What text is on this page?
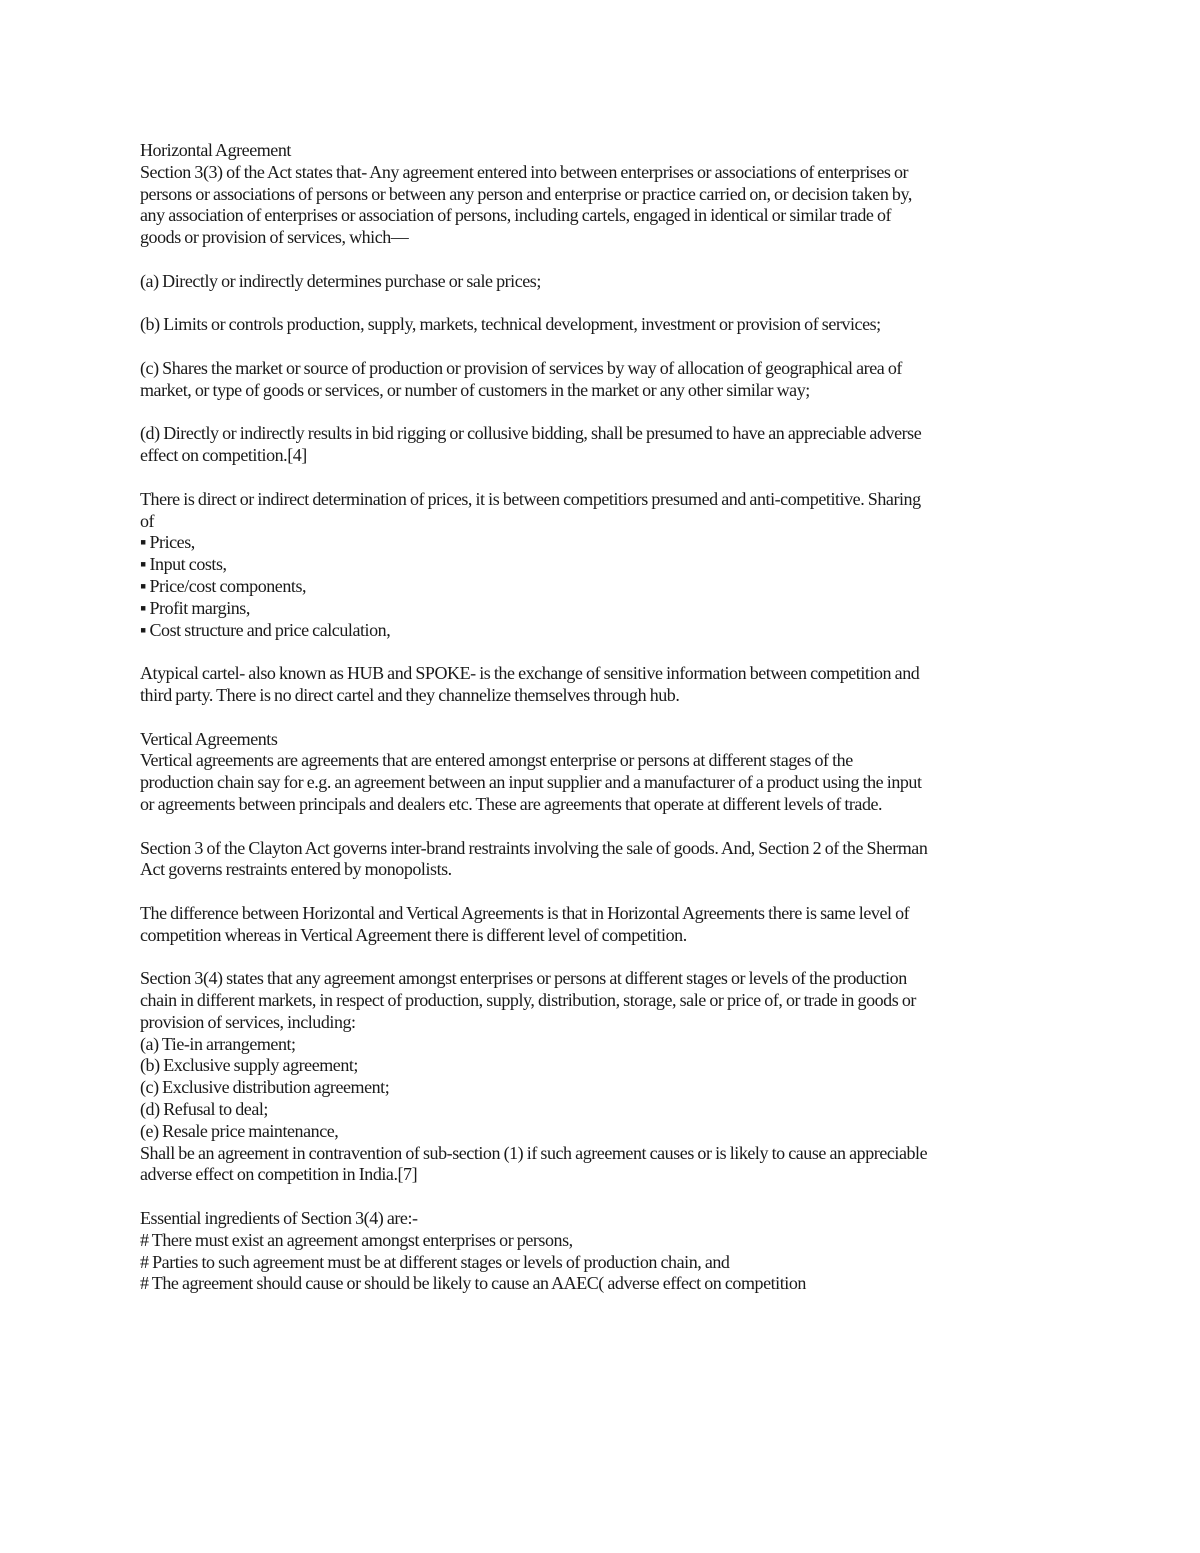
Horizontal Agreement
Section 3(3) of the Act states that- Any agreement entered into between enterprises or associations of enterprises or
persons or associations of persons or between any person and enterprise or practice carried on, or decision taken by,
any association of enterprises or association of persons, including cartels, engaged in identical or similar trade of
goods or provision of services, which—
(a) Directly or indirectly determines purchase or sale prices;
(b) Limits or controls production, supply, markets, technical development, investment or provision of services;
(c) Shares the market or source of production or provision of services by way of allocation of geographical area of
market, or type of goods or services, or number of customers in the market or any other similar way;
(d) Directly or indirectly results in bid rigging or collusive bidding, shall be presumed to have an appreciable adverse
effect on competition.[4]
There is direct or indirect determination of prices, it is between competitiors presumed and anti-competitive. Sharing
of
▪ Prices,
▪ Input costs,
▪ Price/cost components,
▪ Profit margins,
▪ Cost structure and price calculation,
Atypical cartel- also known as HUB and SPOKE- is the exchange of sensitive information between competition and
third party. There is no direct cartel and they channelize themselves through hub.
Vertical Agreements
Vertical agreements are agreements that are entered amongst enterprise or persons at different stages of the
production chain say for e.g. an agreement between an input supplier and a manufacturer of a product using the input
or agreements between principals and dealers etc. These are agreements that operate at different levels of trade.
Section 3 of the Clayton Act governs inter-brand restraints involving the sale of goods. And, Section 2 of the Sherman
Act governs restraints entered by monopolists.
The difference between Horizontal and Vertical Agreements is that in Horizontal Agreements there is same level of
competition whereas in Vertical Agreement there is different level of competition.
Section 3(4) states that any agreement amongst enterprises or persons at different stages or levels of the production
chain in different markets, in respect of production, supply, distribution, storage, sale or price of, or trade in goods or
provision of services, including:
(a) Tie-in arrangement;
(b) Exclusive supply agreement;
(c) Exclusive distribution agreement;
(d) Refusal to deal;
(e) Resale price maintenance,
Shall be an agreement in contravention of sub-section (1) if such agreement causes or is likely to cause an appreciable
adverse effect on competition in India.[7]
Essential ingredients of Section 3(4) are:-
# There must exist an agreement amongst enterprises or persons,
# Parties to such agreement must be at different stages or levels of production chain, and
# The agreement should cause or should be likely to cause an AAEC( adverse effect on competition
